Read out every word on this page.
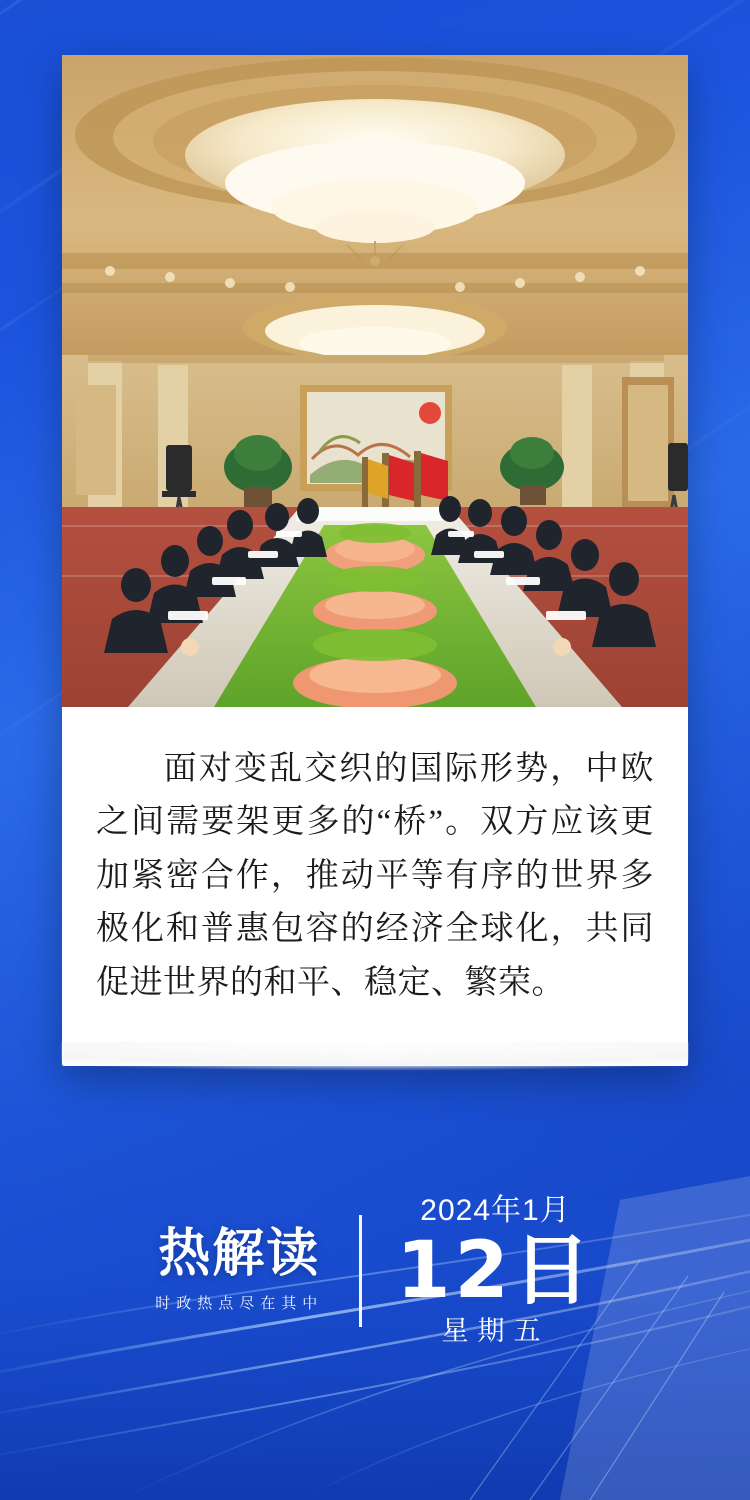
面对变乱交织的国际形势，中欧之间需要架更多的“桥”。双方应该更加紧密合作，推动平等有序的世界多极化和普惠包容的经济全球化，共同促进世界的和平、稳定、繁荣。
热解读
时政热点尽在其中
2024年1月
12日
星期五
